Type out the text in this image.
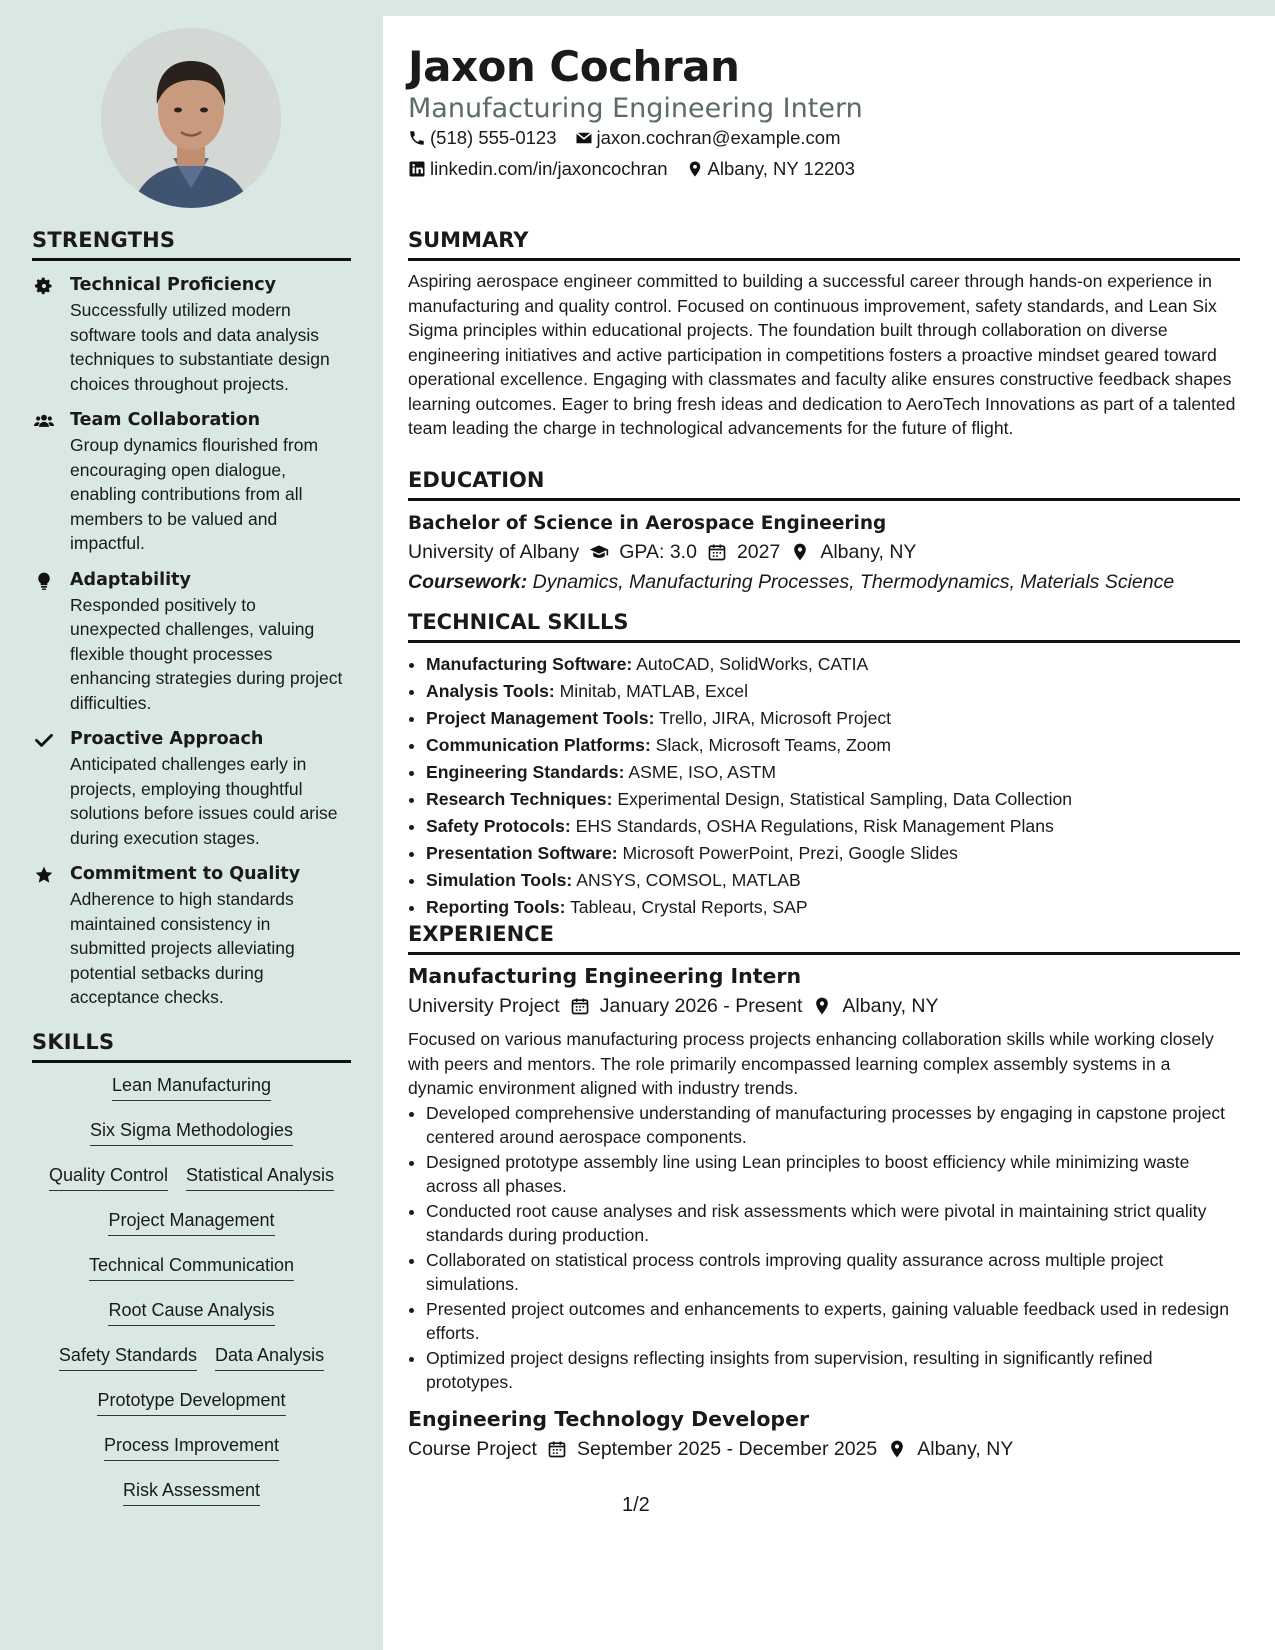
STRENGTHS
Technical Proficiency
Successfully utilized modern software tools and data analysis techniques to substantiate design choices throughout projects.
Team Collaboration
Group dynamics flourished from encouraging open dialogue, enabling contributions from all members to be valued and impactful.
Adaptability
Responded positively to unexpected challenges, valuing flexible thought processes enhancing strategies during project difficulties.
Proactive Approach
Anticipated challenges early in projects, employing thoughtful solutions before issues could arise during execution stages.
Commitment to Quality
Adherence to high standards maintained consistency in submitted projects alleviating potential setbacks during acceptance checks.
SKILLS
Lean Manufacturing
Six Sigma Methodologies
Quality Control Statistical Analysis
Project Management
Technical Communication
Root Cause Analysis
Safety Standards Data Analysis
Prototype Development
Process Improvement
Risk Assessment
Jaxon Cochran
Manufacturing Engineering Intern
(518) 555-0123 jaxon.cochran@example.com
linkedin.com/in/jaxoncochran Albany, NY 12203
SUMMARY

Aspiring aerospace engineer committed to building a successful career through hands-on experience in manufacturing and quality control. Focused on continuous improvement, safety standards, and Lean Six Sigma principles within educational projects. The foundation built through collaboration on diverse engineering initiatives and active participation in competitions fosters a proactive mindset geared toward operational excellence. Engaging with classmates and faculty alike ensures constructive feedback shapes learning outcomes. Eager to bring fresh ideas and dedication to AeroTech Innovations as part of a talented team leading the charge in technological advancements for the future of flight.

EDUCATION
Bachelor of Science in Aerospace Engineering
University of Albany GPA: 3.0 2027 Albany, NY
Coursework: Dynamics, Manufacturing Processes, Thermodynamics, Materials Science
TECHNICAL SKILLS
• Manufacturing Software: AutoCAD, SolidWorks, CATIA
• Analysis Tools: Minitab, MATLAB, Excel
• Project Management Tools: Trello, JIRA, Microsoft Project
• Communication Platforms: Slack, Microsoft Teams, Zoom
• Engineering Standards: ASME, ISO, ASTM
• Research Techniques: Experimental Design, Statistical Sampling, Data Collection
• Safety Protocols: EHS Standards, OSHA Regulations, Risk Management Plans
• Presentation Software: Microsoft PowerPoint, Prezi, Google Slides
• Simulation Tools: ANSYS, COMSOL, MATLAB
• Reporting Tools: Tableau, Crystal Reports, SAP
EXPERIENCE
Manufacturing Engineering Intern
University Project January 2026 - Present Albany, NY

Focused on various manufacturing process projects enhancing collaboration skills while working closely with peers and mentors. The role primarily encompassed learning complex assembly systems in a dynamic environment aligned with industry trends.

• Developed comprehensive understanding of manufacturing processes by engaging in capstone project centered around aerospace components.
• Designed prototype assembly line using Lean principles to boost efficiency while minimizing waste across all phases.
• Conducted root cause analyses and risk assessments which were pivotal in maintaining strict quality standards during production.
• Collaborated on statistical process controls improving quality assurance across multiple project simulations.
• Presented project outcomes and enhancements to experts, gaining valuable feedback used in redesign efforts.
• Optimized project designs reflecting insights from supervision, resulting in significantly refined prototypes.
Engineering Technology Developer
Course Project September 2025 - December 2025 Albany, NY
1/2
